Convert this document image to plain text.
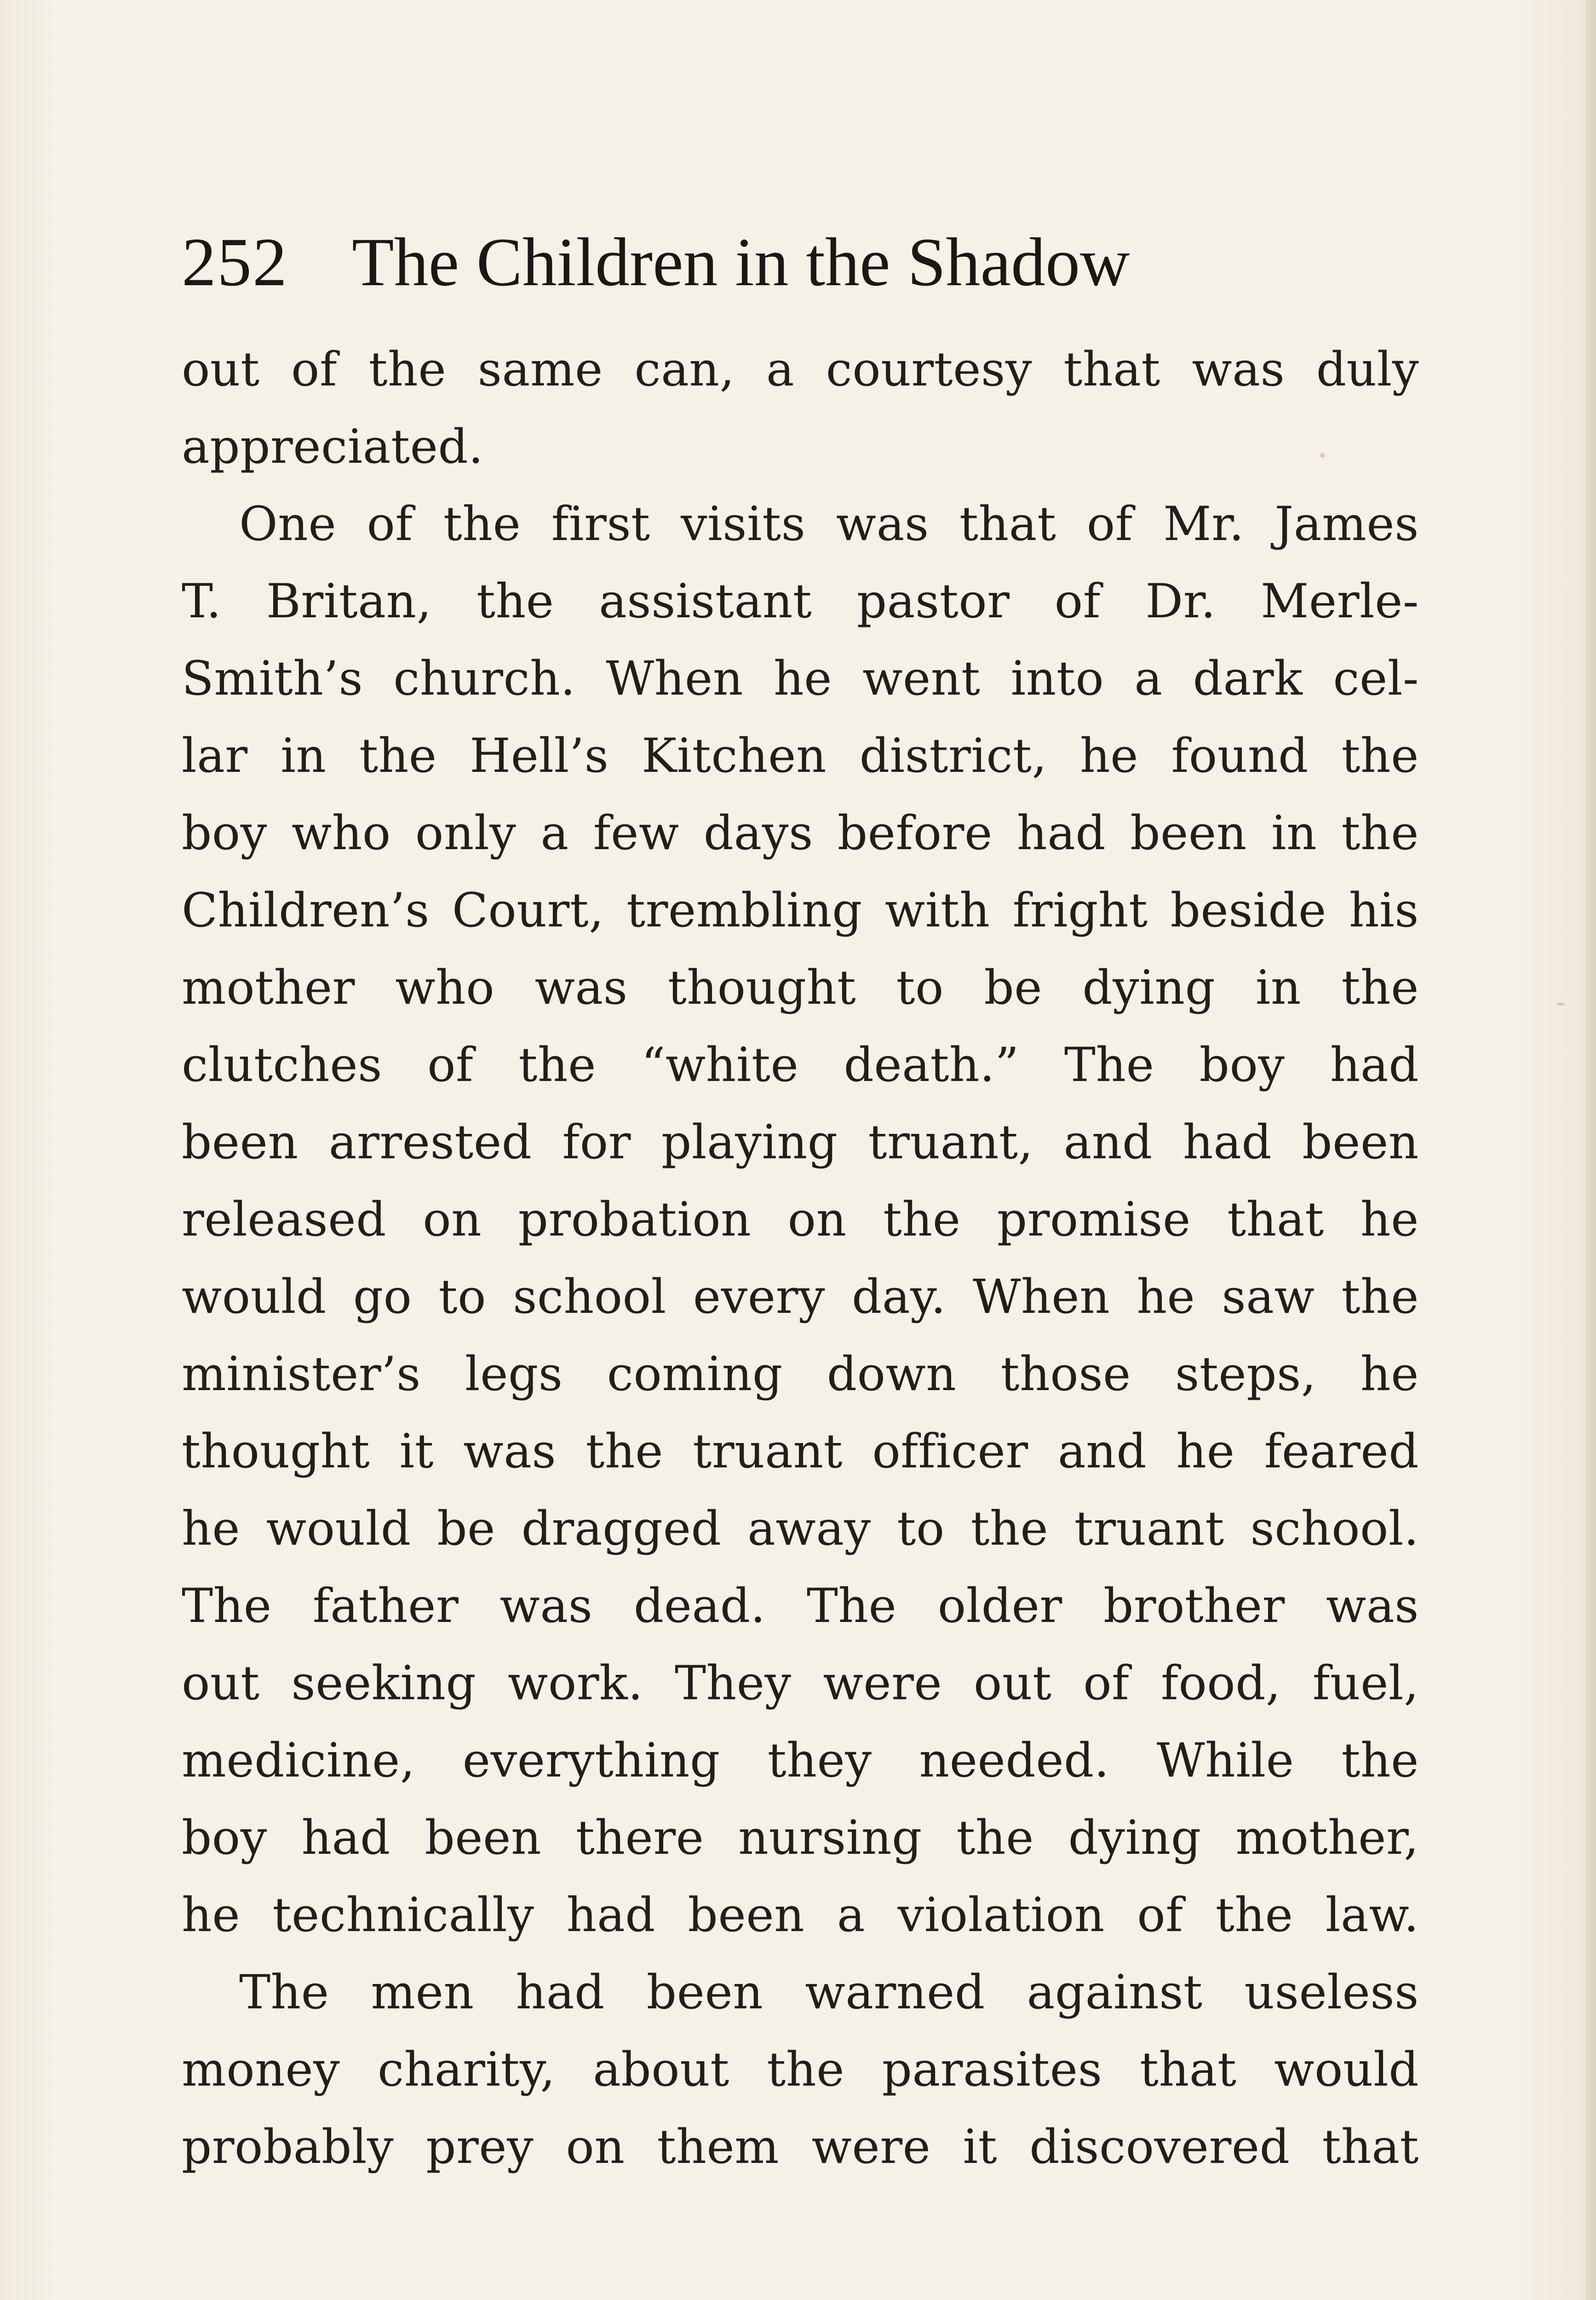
252 The Children in the Shadow
out of the same can, a courtesy that was duly
appreciated.
One of the first visits was that of Mr. James
T. Britan, the assistant pastor of Dr. Merle-
Smith’s church. When he went into a dark cel-
lar in the Hell’s Kitchen district, he found the
boy who only a few days before had been in the
Children’s Court, trembling with fright beside his
mother who was thought to be dying in the
clutches of the “white death.” The boy had
been arrested for playing truant, and had been
released on probation on the promise that he
would go to school every day. When he saw the
minister’s legs coming down those steps, he
thought it was the truant officer and he feared
he would be dragged away to the truant school.
The father was dead. The older brother was
out seeking work. They were out of food, fuel,
medicine, everything they needed. While the
boy had been there nursing the dying mother,
he technically had been a violation of the law.
The men had been warned against useless
money charity, about the parasites that would
probably prey on them were it discovered that
